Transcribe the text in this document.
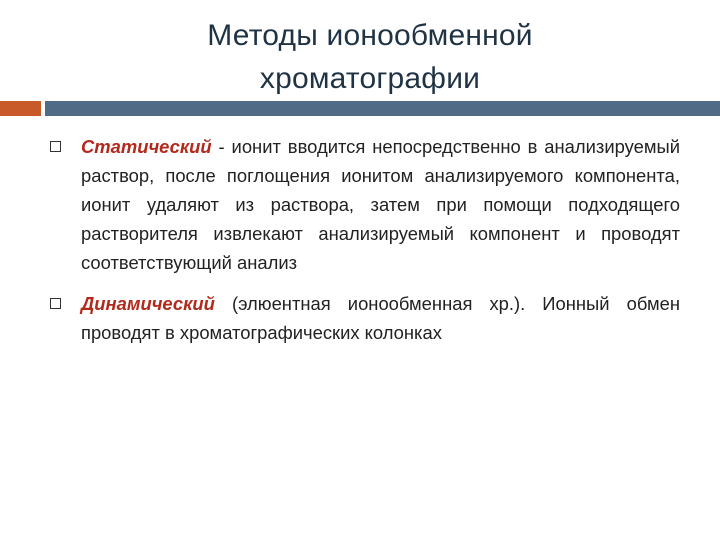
Методы ионообменной
хроматографии
Статический - ионит вводится непосредственно в анализируемый раствор, после поглощения ионитом анализируемого компонента, ионит удаляют из раствора, затем при помощи подходящего растворителя извлекают анализируемый компонент и проводят соответствующий анализ
Динамический (элюентная ионообменная хр.). Ионный обмен проводят в хроматографических колонках
